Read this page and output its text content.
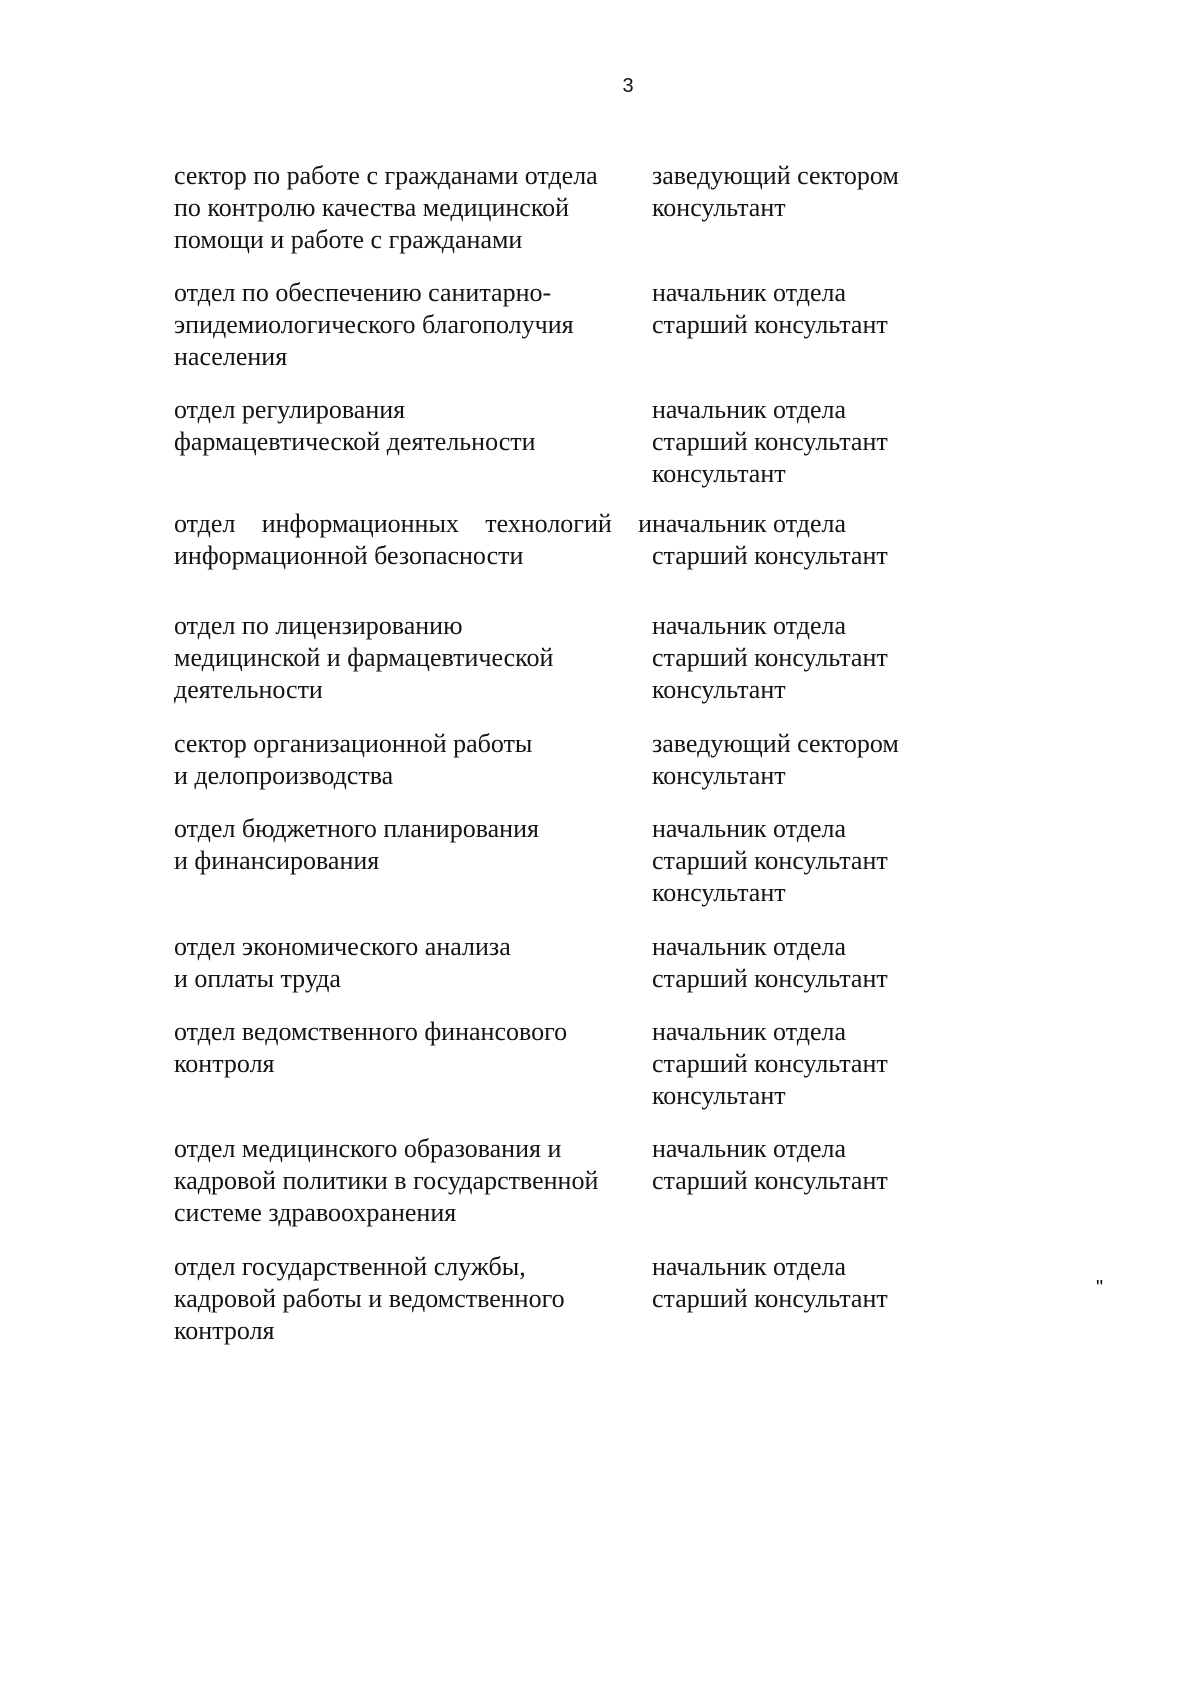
3
сектор по работе с гражданами отдела
по контролю качества медицинской
помощи и работе с гражданами
заведующий сектором
консультант
отдел по обеспечению санитарно-
эпидемиологического благополучия
населения
начальник отдела
старший консультант
отдел регулирования
фармацевтической деятельности
начальник отдела
старший консультант
консультант
отдел информационных технологий и
информационной безопасности
начальник отдела
старший консультант
отдел по лицензированию
медицинской и фармацевтической
деятельности
начальник отдела
старший консультант
консультант
сектор организационной работы
и делопроизводства
заведующий сектором
консультант
отдел бюджетного планирования
и финансирования
начальник отдела
старший консультант
консультант
отдел экономического анализа
и оплаты труда
начальник отдела
старший консультант
отдел ведомственного финансового
контроля
начальник отдела
старший консультант
консультант
отдел медицинского образования и
кадровой политики в государственной
системе здравоохранения
начальник отдела
старший консультант
отдел государственной службы,
кадровой работы и ведомственного
контроля
начальник отдела
старший консультант	"
